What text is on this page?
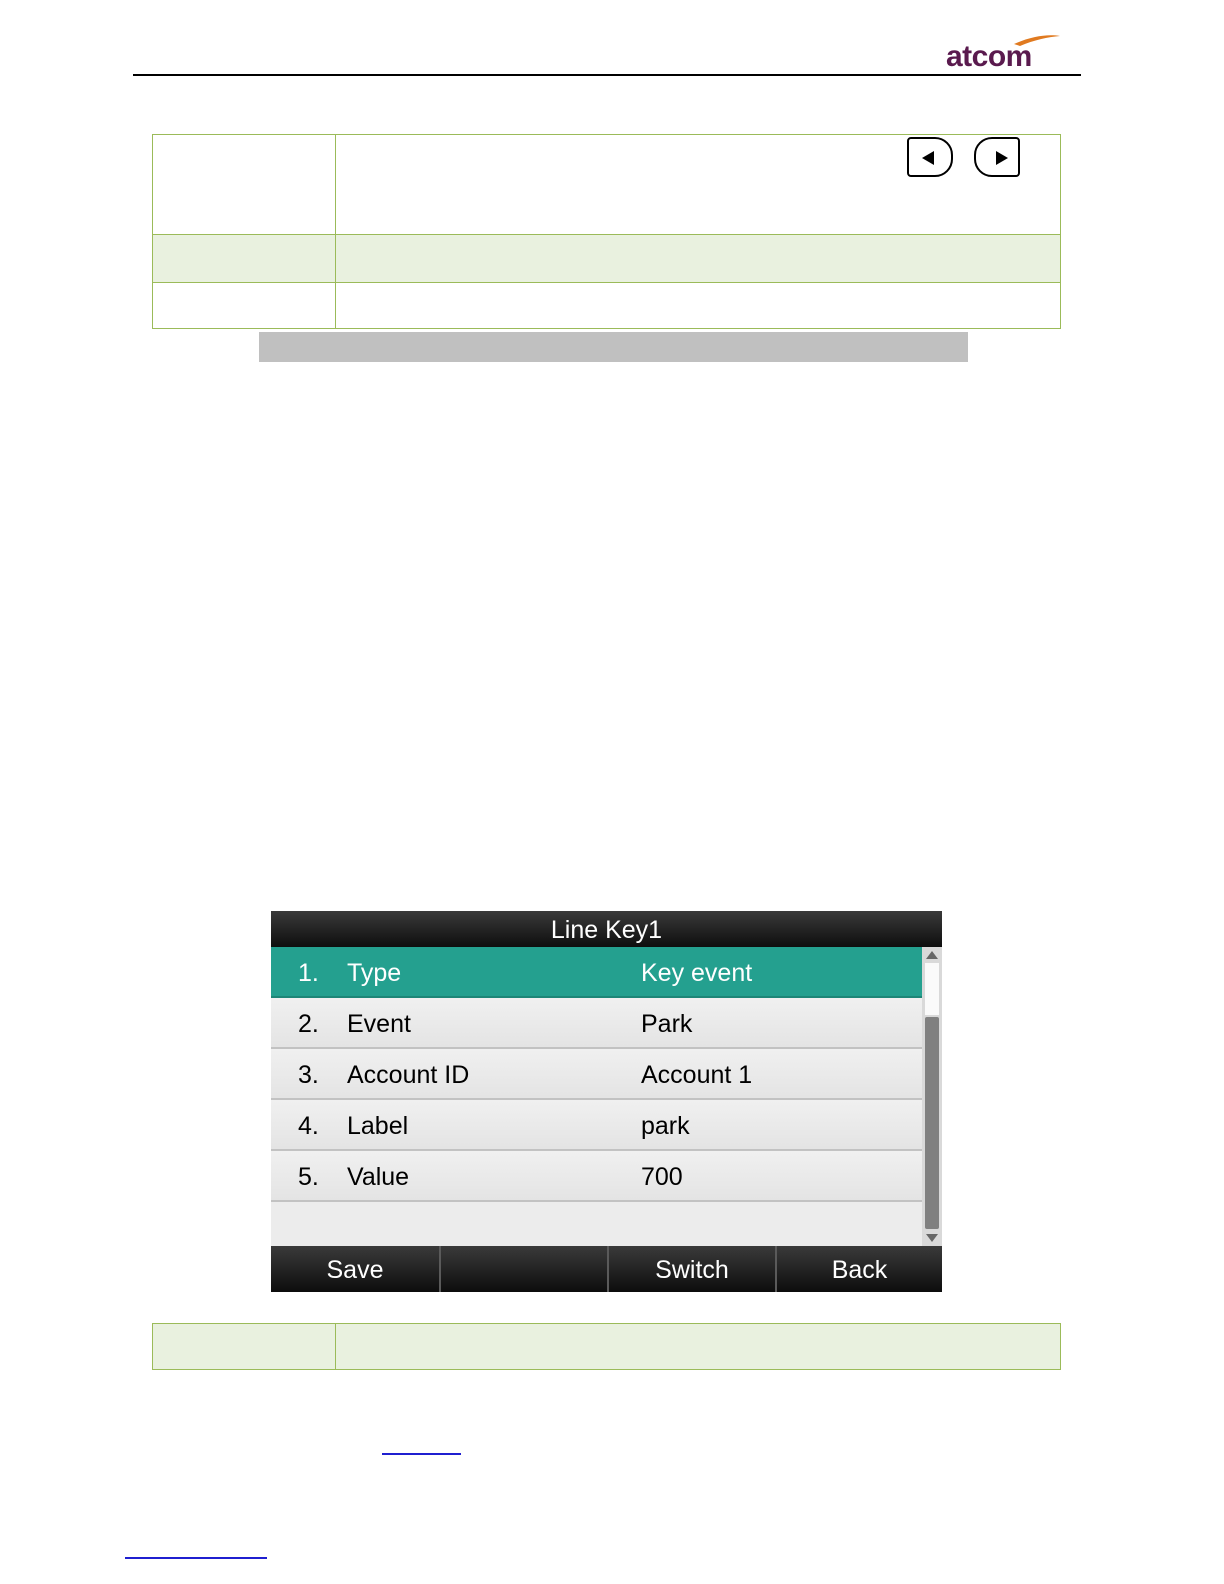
atcom

Line Key1
1. Type	Key event
2. Event	Park
3. Account ID	Account 1
4. Label	park
5. Value	700
Save	Switch	Back
